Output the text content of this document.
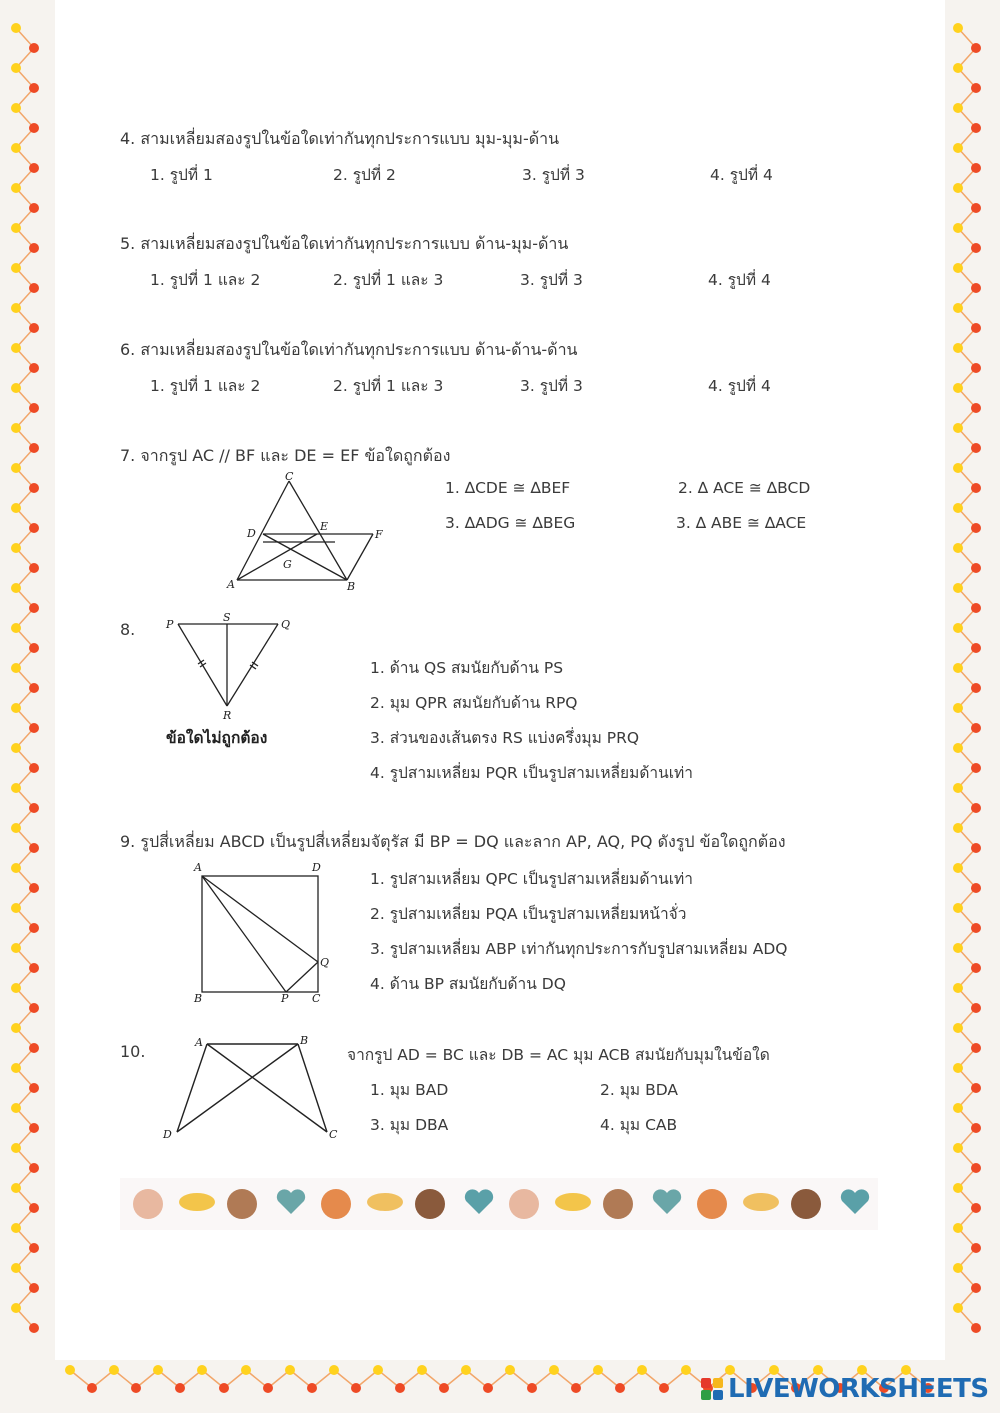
4. สามเหลี่ยมสองรูปในข้อใดเท่ากันทุกประการแบบ มุม-มุม-ด้าน
1. รูปที่ 1	2. รูปที่ 2	3. รูปที่ 3	4. รูปที่ 4
5. สามเหลี่ยมสองรูปในข้อใดเท่ากันทุกประการแบบ ด้าน-มุม-ด้าน
1. รูปที่ 1 และ 2	2. รูปที่ 1 และ 3	3. รูปที่ 3	4. รูปที่ 4
6. สามเหลี่ยมสองรูปในข้อใดเท่ากันทุกประการแบบ ด้าน-ด้าน-ด้าน
1. รูปที่ 1 และ 2	2. รูปที่ 1 และ 3	3. รูปที่ 3	4. รูปที่ 4
7. จากรูป AC // BF และ DE = EF ข้อใดถูกต้อง
1. ∆CDE ≅ ∆BEF	2. ∆ ACE ≅ ∆BCD
3. ∆ADG ≅ ∆BEG	3. ∆ ABE ≅ ∆ACE
C
D
E
F
G
A	B
8.	P
S
Q
R
ข้อใดไม่ถูกต้อง
1. ด้าน QS สมนัยกับด้าน PS
2. มุม QPR สมนัยกับด้าน RPQ
3. ส่วนของเส้นตรง RS แบ่งครึ่งมุม PRQ
4. รูปสามเหลี่ยม PQR เป็นรูปสามเหลี่ยมด้านเท่า
9. รูปสี่เหลี่ยม ABCD เป็นรูปสี่เหลี่ยมจัตุรัส มี BP = DQ และลาก AP, AQ, PQ ดังรูป ข้อใดถูกต้อง
A	D
Q
B	P C
1. รูปสามเหลี่ยม QPC เป็นรูปสามเหลี่ยมด้านเท่า
2. รูปสามเหลี่ยม PQA เป็นรูปสามเหลี่ยมหน้าจั่ว
3. รูปสามเหลี่ยม ABP เท่ากันทุกประการกับรูปสามเหลี่ยม ADQ
4. ด้าน BP สมนัยกับด้าน DQ
10.	A	B
D	C
จากรูป AD = BC และ DB = AC มุม ACB สมนัยกับมุมในข้อใด
1. มุม BAD	2. มุม BDA
3. มุม DBA	4. มุม CAB
LIVEWORKSHEETS
